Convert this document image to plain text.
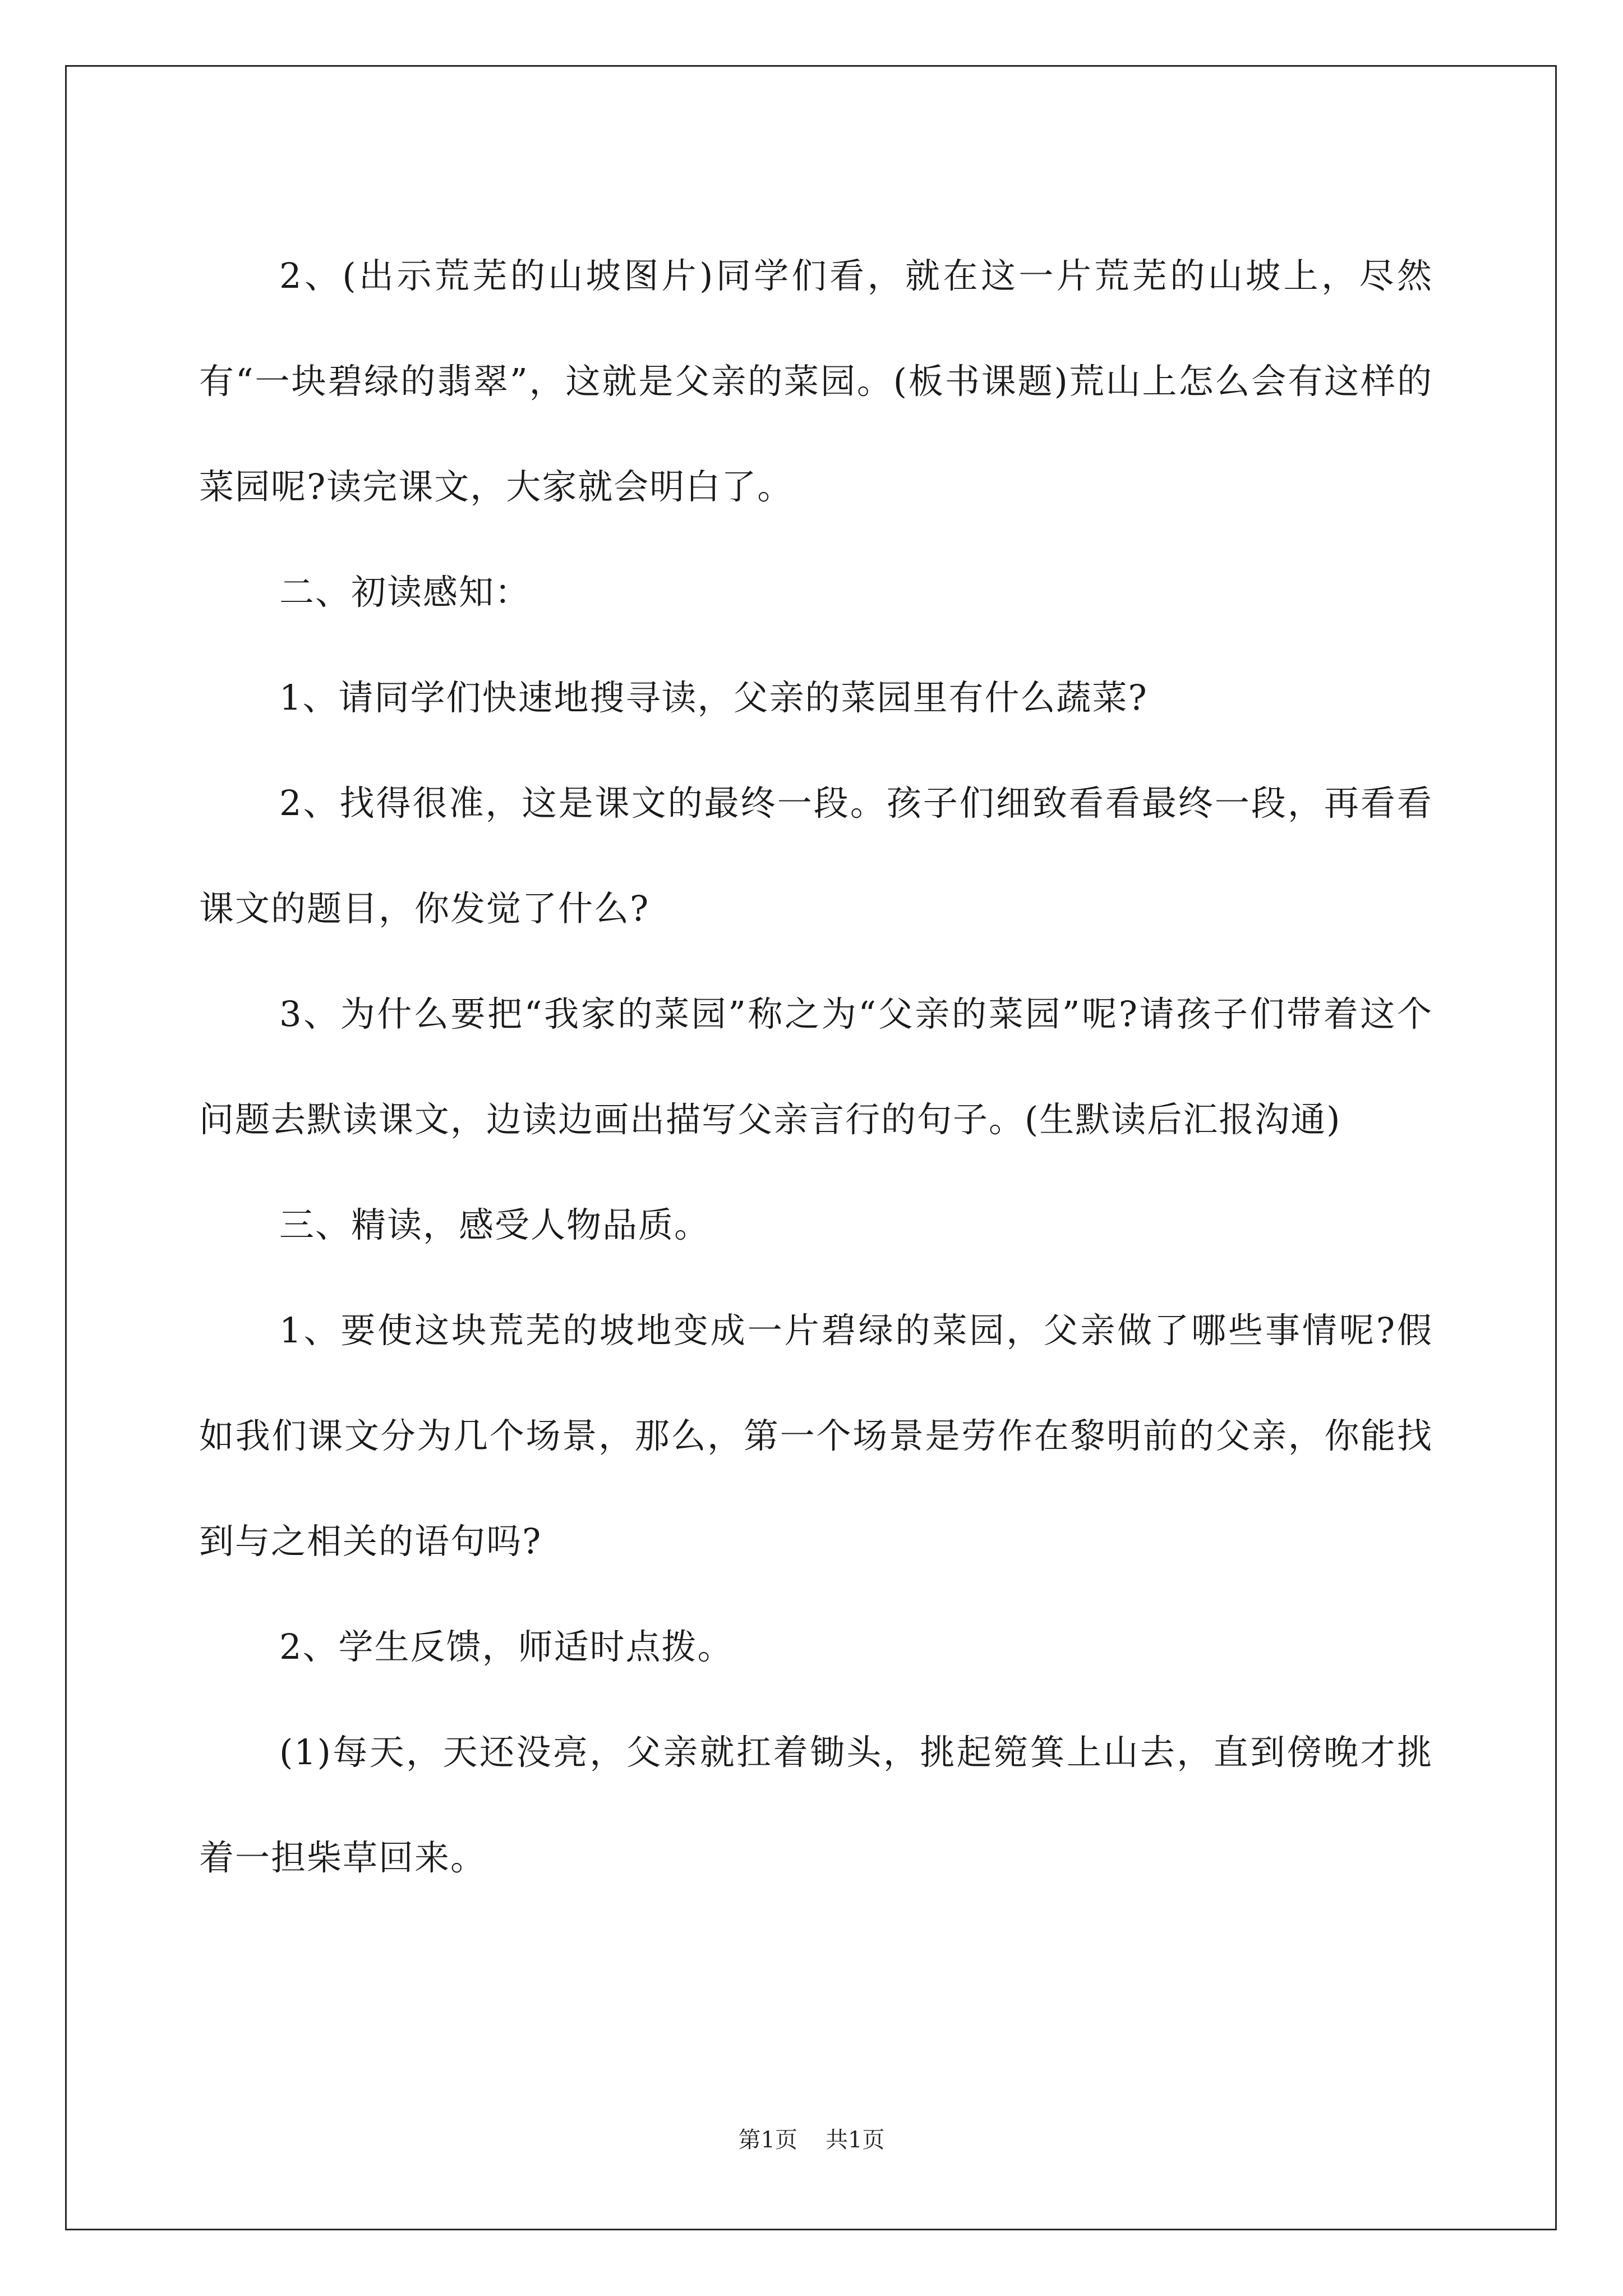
2、(出示荒芜的山坡图片)同学们看，就在这一片荒芜的山坡上，尽然有“一块碧绿的翡翠”，这就是父亲的菜园。(板书课题)荒山上怎么会有这样的菜园呢?读完课文，大家就会明白了。

二、初读感知：

1、请同学们快速地搜寻读，父亲的菜园里有什么蔬菜?

2、找得很准，这是课文的最终一段。孩子们细致看看最终一段，再看看课文的题目，你发觉了什么?

3、为什么要把“我家的菜园”称之为“父亲的菜园”呢?请孩子们带着这个问题去默读课文，边读边画出描写父亲言行的句子。(生默读后汇报沟通)

三、精读，感受人物品质。

1、要使这块荒芜的坡地变成一片碧绿的菜园，父亲做了哪些事情呢?假如我们课文分为几个场景，那么，第一个场景是劳作在黎明前的父亲，你能找到与之相关的语句吗?

2、学生反馈，师适时点拨。

(1)每天，天还没亮，父亲就扛着锄头，挑起箢箕上山去，直到傍晚才挑着一担柴草回来。

第1页 共1页
